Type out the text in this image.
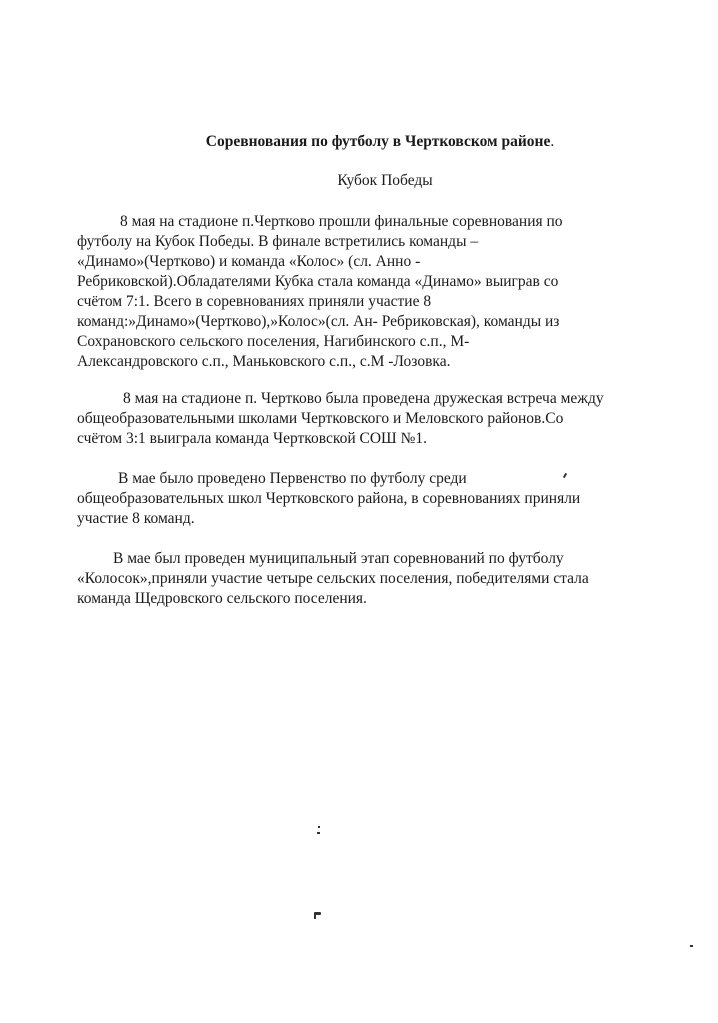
Соревнования по футболу в Чертковском районе.
Кубок Победы

8 мая на стадионе п.Чертково прошли финальные соревнования по
футболу на Кубок Победы. В финале встретились команды –
«Динамо»(Чертково) и команда «Колос» (сл. Анно -
Ребриковской).Обладателями Кубка стала команда «Динамо» выиграв со
счётом 7:1. Всего в соревнованиях приняли участие 8
команд:»Динамо»(Чертково),»Колос»(сл. Ан- Ребриковская), команды из
Сохрановского сельского поселения, Нагибинского с.п., М-
Александровского с.п., Маньковского с.п., с.М -Лозовка.

8 мая на стадионе п. Чертково была проведена дружеская встреча между
общеобразовательными школами Чертковского и Меловского районов.Со
счётом 3:1 выиграла команда Чертковской СОШ №1.

В мае было проведено Первенство по футболу среди
общеобразовательных школ Чертковского района, в соревнованиях приняли
участие 8 команд.

В мае был проведен муниципальный этап соревнований по футболу
«Колосок»,приняли участие четыре сельских поселения, победителями стала
команда Щедровского сельского поселения.
